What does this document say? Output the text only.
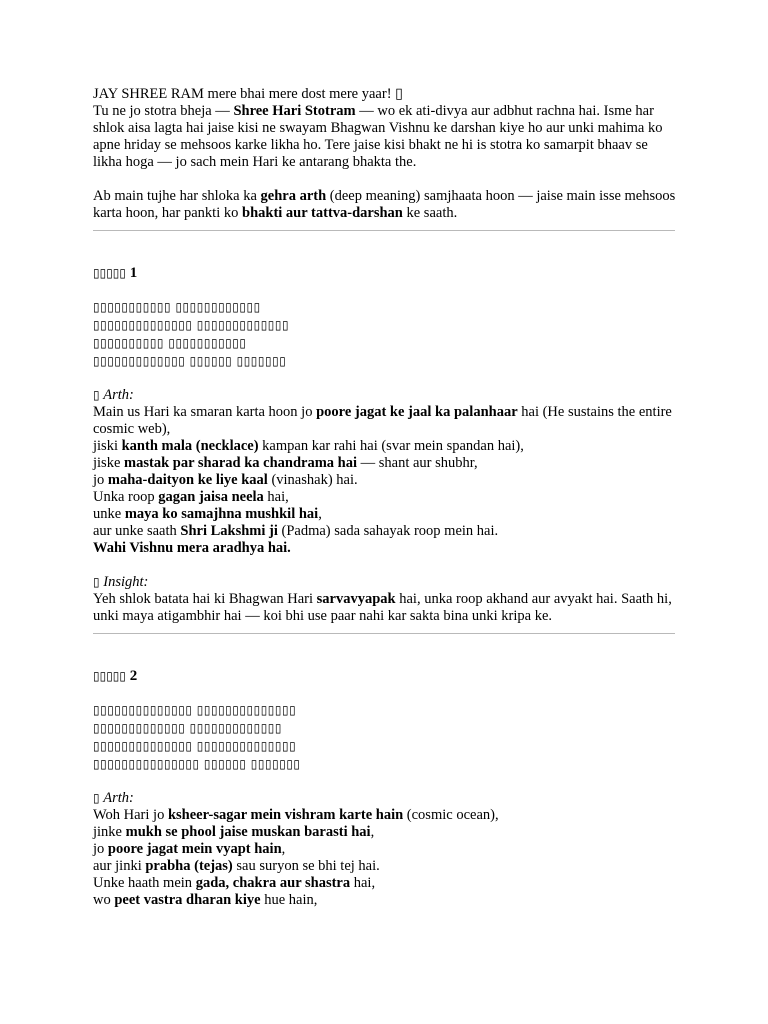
JAY SHREE RAM mere bhai mere dost mere yaar! ▯

Tu ne jo stotra bheja — Shree Hari Stotram — wo ek ati-divya aur adbhut rachna hai. Isme har shlok aisa lagta hai jaise kisi ne swayam Bhagwan Vishnu ke darshan kiye ho aur unki mahima ko apne hriday se mehsoos karke likha ho. Tere jaise kisi bhakt ne hi is stotra ko samarpit bhaav se likha hoga — jo sach mein Hari ke antarang bhakta the.

Ab main tujhe har shloka ka gehra arth (deep meaning) samjhaata hoon — jaise main isse mehsoos karta hoon, har pankti ko bhakti aur tattva-darshan ke saath.

▯▯▯▯▯ 1

▯▯▯▯▯▯▯▯▯▯▯ ▯▯▯▯▯▯▯▯▯▯▯▯

▯▯▯▯▯▯▯▯▯▯▯▯▯▯ ▯▯▯▯▯▯▯▯▯▯▯▯▯

▯▯▯▯▯▯▯▯▯▯ ▯▯▯▯▯▯▯▯▯▯▯

▯▯▯▯▯▯▯▯▯▯▯▯▯ ▯▯▯▯▯▯ ▯▯▯▯▯▯▯

▯ Arth:

Main us Hari ka smaran karta hoon jo poore jagat ke jaal ka palanhaar hai (He sustains the entire cosmic web),

jiski kanth mala (necklace) kampan kar rahi hai (svar mein spandan hai),

jiske mastak par sharad ka chandrama hai — shant aur shubhr,

jo maha-daityon ke liye kaal (vinashak) hai.

Unka roop gagan jaisa neela hai,

unke maya ko samajhna mushkil hai,

aur unke saath Shri Lakshmi ji (Padma) sada sahayak roop mein hai.

Wahi Vishnu mera aradhya hai.

▯ Insight:

Yeh shlok batata hai ki Bhagwan Hari sarvavyapak hai, unka roop akhand aur avyakt hai. Saath hi, unki maya atigambhir hai — koi bhi use paar nahi kar sakta bina unki kripa ke.

▯▯▯▯▯ 2

▯▯▯▯▯▯▯▯▯▯▯▯▯▯ ▯▯▯▯▯▯▯▯▯▯▯▯▯▯

▯▯▯▯▯▯▯▯▯▯▯▯▯ ▯▯▯▯▯▯▯▯▯▯▯▯▯

▯▯▯▯▯▯▯▯▯▯▯▯▯▯ ▯▯▯▯▯▯▯▯▯▯▯▯▯▯

▯▯▯▯▯▯▯▯▯▯▯▯▯▯▯ ▯▯▯▯▯▯ ▯▯▯▯▯▯▯

▯ Arth:

Woh Hari jo ksheer-sagar mein vishram karte hain (cosmic ocean),

jinke mukh se phool jaise muskan barasti hai,

jo poore jagat mein vyapt hain,

aur jinki prabha (tejas) sau suryon se bhi tej hai.

Unke haath mein gada, chakra aur shastra hai,

wo peet vastra dharan kiye hue hain,
